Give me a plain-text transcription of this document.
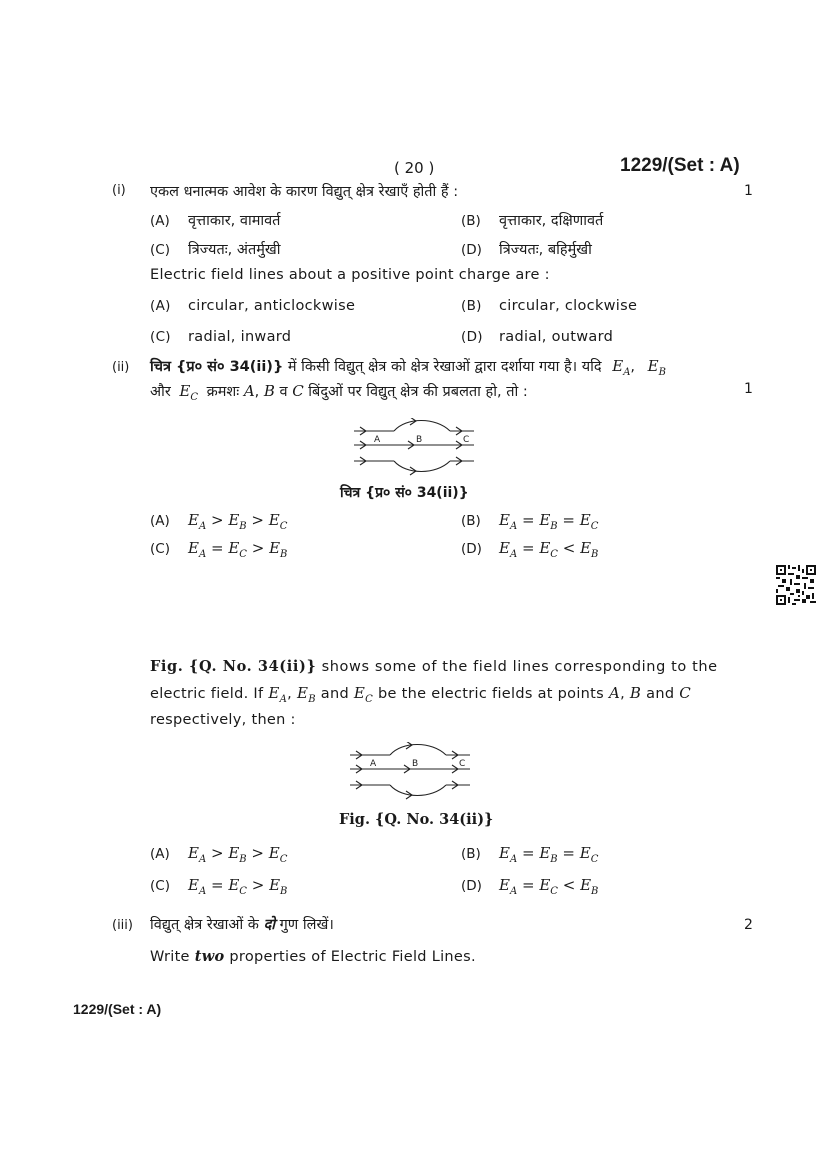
( 20 )	1229/(Set : A)
(i) एकल धनात्मक आवेश के कारण विद्युत् क्षेत्र रेखाएँ होती हैं :	1
(A) वृत्ताकार, वामावर्त	(B) वृत्ताकार, दक्षिणावर्त
(C) त्रिज्यतः, अंतर्मुखी	(D) त्रिज्यतः, बहिर्मुखी
Electric field lines about a positive point charge are :
(A) circular, anticlockwise	(B) circular, clockwise
(C) radial, inward	(D) radial, outward
(ii) चित्र {प्र० सं० 34(ii)} में किसी विद्युत् क्षेत्र को क्षेत्र रेखाओं द्वारा दर्शाया गया है। यदि $E_A$, $E_B$
और $E_C$ क्रमशः A, B व C बिंदुओं पर विद्युत् क्षेत्र की प्रबलता हो, तो :	1
A	B	C
चित्र {प्र० सं० 34(ii)}
(A) $E_A > E_B > E_C$	(B) $E_A = E_B = E_C$
(C) $E_A = E_C > E_B$	(D) $E_A = E_C < E_B$
Fig. {Q. No. 34(ii)} shows some of the field lines corresponding to the
electric field. If $E_A$, $E_B$ and $E_C$ be the electric fields at points A, B and C
respectively, then :
A	B	C
Fig. {Q. No. 34(ii)}
(A) $E_A > E_B > E_C$	(B) $E_A = E_B = E_C$
(C) $E_A = E_C > E_B$	(D) $E_A = E_C < E_B$
(iii) विद्युत् क्षेत्र रेखाओं के दो गुण लिखें।	2
Write two properties of Electric Field Lines.
1229/(Set : A)
